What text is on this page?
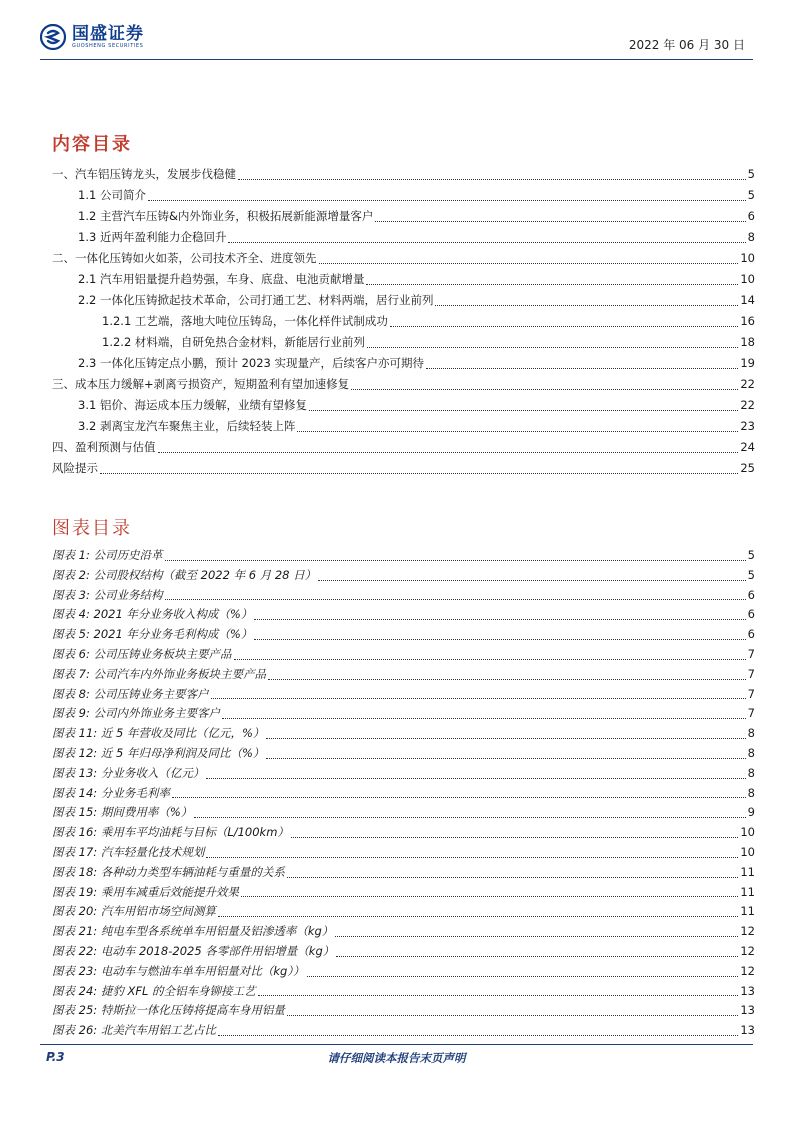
国盛证券
GUOSHENG SECURITIES	2022 年 06 月 30 日
内容目录
一、汽车铝压铸龙头，发展步伐稳健	5
1.1 公司简介	5
1.2 主营汽车压铸&内外饰业务，积极拓展新能源增量客户	6
1.3 近两年盈利能力企稳回升	8
二、一体化压铸如火如荼，公司技术齐全、进度领先	10
2.1 汽车用铝量提升趋势强，车身、底盘、电池贡献增量	10
2.2 一体化压铸掀起技术革命，公司打通工艺、材料两端，居行业前列	14
1.2.1 工艺端，落地大吨位压铸岛，一体化样件试制成功	16
1.2.2 材料端，自研免热合金材料，新能居行业前列	18
2.3 一体化压铸定点小鹏，预计 2023 实现量产，后续客户亦可期待	19
三、成本压力缓解+剥离亏损资产，短期盈利有望加速修复	22
3.1 铝价、海运成本压力缓解，业绩有望修复	22
3.2 剥离宝龙汽车聚焦主业，后续轻装上阵	23
四、盈利预测与估值	24
风险提示	25
图表目录
图表 1: 公司历史沿革	5
图表 2: 公司股权结构（截至 2022 年 6 月 28 日）	5
图表 3: 公司业务结构	6
图表 4: 2021 年分业务收入构成（%）	6
图表 5: 2021 年分业务毛利构成（%）	6
图表 6: 公司压铸业务板块主要产品	7
图表 7: 公司汽车内外饰业务板块主要产品	7
图表 8: 公司压铸业务主要客户	7
图表 9: 公司内外饰业务主要客户	7
图表 11: 近 5 年营收及同比（亿元，%）	8
图表 12: 近 5 年归母净利润及同比（%）	8
图表 13: 分业务收入（亿元）	8
图表 14: 分业务毛利率	8
图表 15: 期间费用率（%）	9
图表 16: 乘用车平均油耗与目标（L/100km）	10
图表 17: 汽车轻量化技术规划	10
图表 18: 各种动力类型车辆油耗与重量的关系	11
图表 19: 乘用车减重后效能提升效果	11
图表 20: 汽车用铝市场空间测算	11
图表 21: 纯电车型各系统单车用铝量及铝渗透率（kg）	12
图表 22: 电动车 2018-2025 各零部件用铝增量（kg）	12
图表 23: 电动车与燃油车单车用铝量对比（kg））	12
图表 24: 捷豹 XFL 的全铝车身铆接工艺	13
图表 25: 特斯拉一体化压铸将提高车身用铝量	13
图表 26: 北美汽车用铝工艺占比	13
P.3	请仔细阅读本报告末页声明
